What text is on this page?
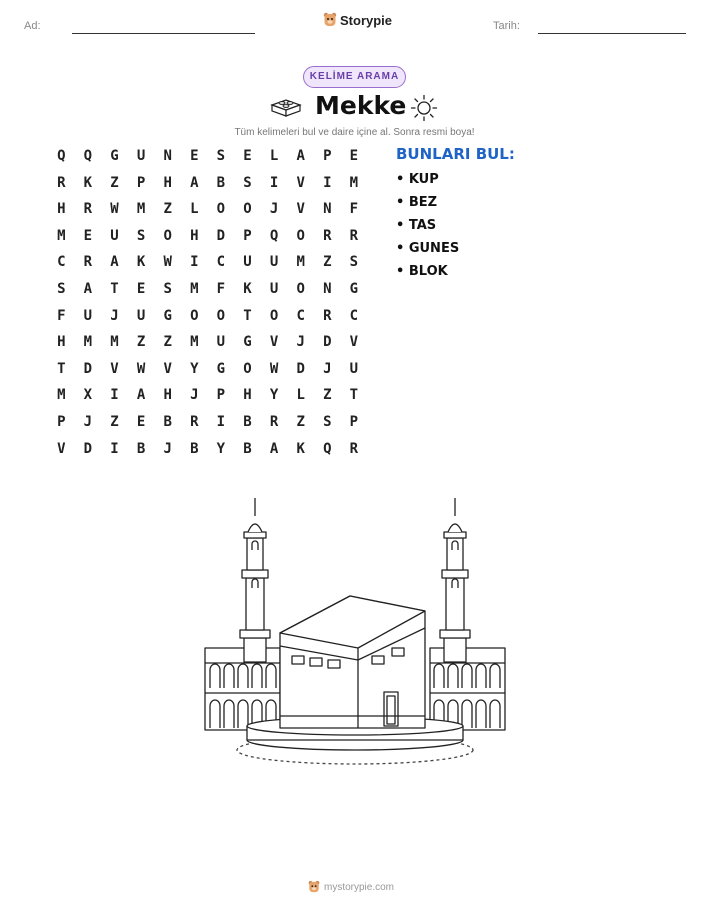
Ad:	Storypie	Tarih:
KELİME ARAMA
Mekke
Tüm kelimeleri bul ve daire içine al. Sonra resmi boya!
Q	Q	G	U	N	E	S	E	L	A	P	E
R	K	Z	P	H	A	B	S	I	V	I	M
H	R	W	M	Z	L	O	O	J	V	N	F
M	E	U	S	O	H	D	P	Q	O	R	R
C	R	A	K	W	I	C	U	U	M	Z	S
S	A	T	E	S	M	F	K	U	O	N	G
F	U	J	U	G	O	O	T	O	C	R	C
H	M	M	Z	Z	M	U	G	V	J	D	V
T	D	V	W	V	Y	G	O	W	D	J	U
M	X	I	A	H	J	P	H	Y	L	Z	T
P	J	Z	E	B	R	I	B	R	Z	S	P
V	D	I	B	J	B	Y	B	A	K	Q	R
BUNLARI BUL:
• KUP
• BEZ
• TAS
• GUNES
• BLOK
mystorypie.com
